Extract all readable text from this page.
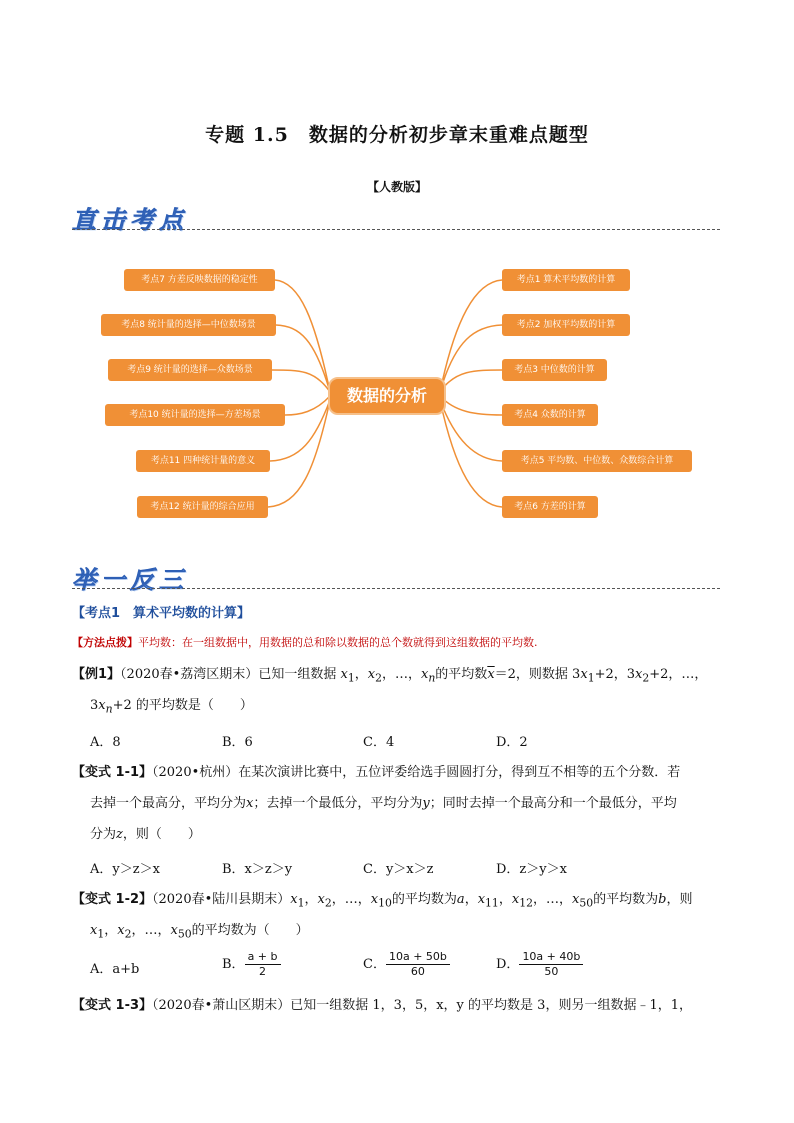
专题 1.5　数据的分析初步章末重难点题型
【人教版】
直击考点
考点7 方差反映数据的稳定性
考点8 统计量的选择—中位数场景
考点9 统计量的选择—众数场景
考点10 统计量的选择—方差场景
考点11 四种统计量的意义
考点12 统计量的综合应用
数据的分析
考点1 算术平均数的计算
考点2 加权平均数的计算
考点3 中位数的计算
考点4 众数的计算
考点5 平均数、中位数、众数综合计算
考点6 方差的计算
举一反三
【考点1　算术平均数的计算】
【方法点拨】平均数：在一组数据中，用数据的总和除以数据的总个数就得到这组数据的平均数.
【例1】（2020春•荔湾区期末）已知一组数据 $x_1$，$x_2$，…，$x_n$的平均数$\overline{x}=2$，则数据 $3x_1+2$，$3x_2+2$，…，
$3x_n+2$ 的平均数是（　　）
A．8	B．6	C．4	D．2
【变式 1-1】（2020•杭州）在某次演讲比赛中，五位评委给选手圆圆打分，得到互不相等的五个分数．若
去掉一个最高分，平均分为x；去掉一个最低分，平均分为y；同时去掉一个最高分和一个最低分，平均
分为z，则（　　）
A．y＞z＞x	B．x＞z＞y	C．y＞x＞z	D．z＞y＞x
【变式 1-2】（2020春•陆川县期末）$x_1$，$x_2$，…，$x_{10}$的平均数为a，$x_{11}$，$x_{12}$，…，$x_{50}$的平均数为b，则
$x_1$，$x_2$，…，$x_{50}$的平均数为（　　）
A．a+b	B． $\frac{a + b}{2}$	C． $\frac{10a + 50b}{60}$	D． $\frac{10a + 40b}{50}$
【变式 1-3】（2020春•萧山区期末）已知一组数据 1，3，5，x，y 的平均数是 3，则另一组数据﹣1，1，
